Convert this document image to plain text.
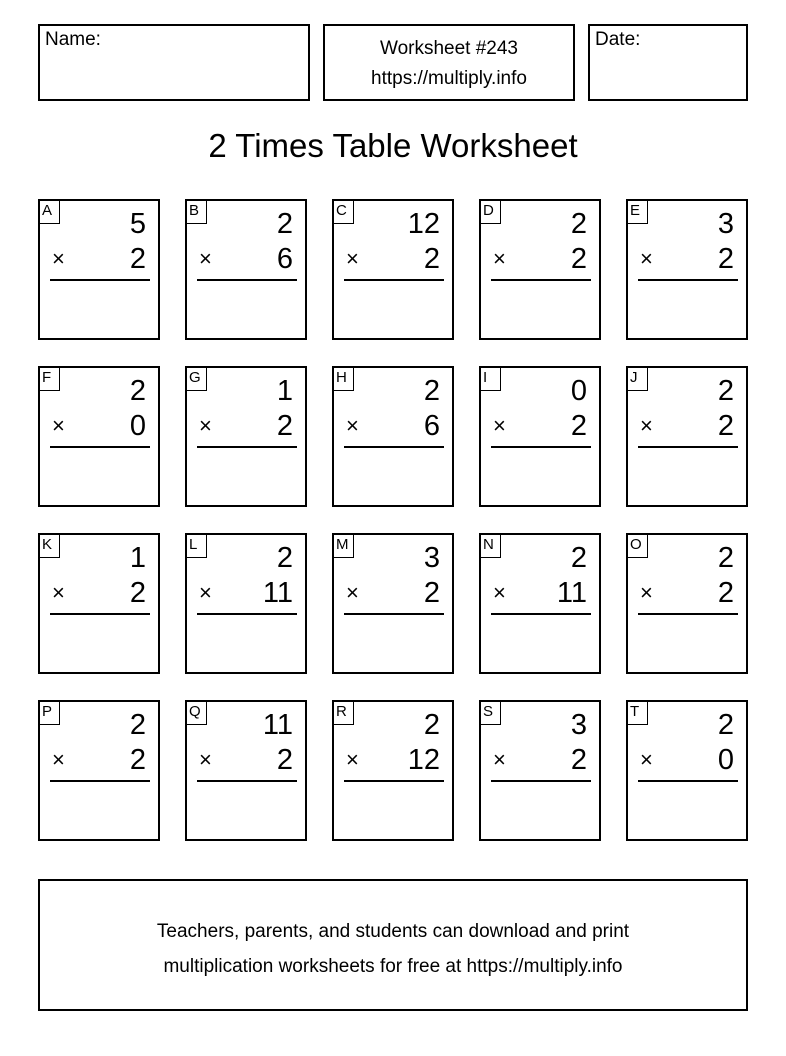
Name:	Worksheet #243
https://multiply.info
Date:
2 Times Table Worksheet
A	5
× 2
B	2
× 6
C 12
× 2
D	2
× 2
E	3
× 2
F	2
× 0
G	1
× 2
H	2
× 6
I	0
× 2
J	2
× 2
K	1
× 2
L	2
× 11
M	3
× 2
N	2
× 11
O	2
× 2
P	2
× 2
Q 11
× 2
R	2
× 12
S	3
× 2
T	2
× 0
Teachers, parents, and students can download and print
multiplication worksheets for free at https://multiply.info
